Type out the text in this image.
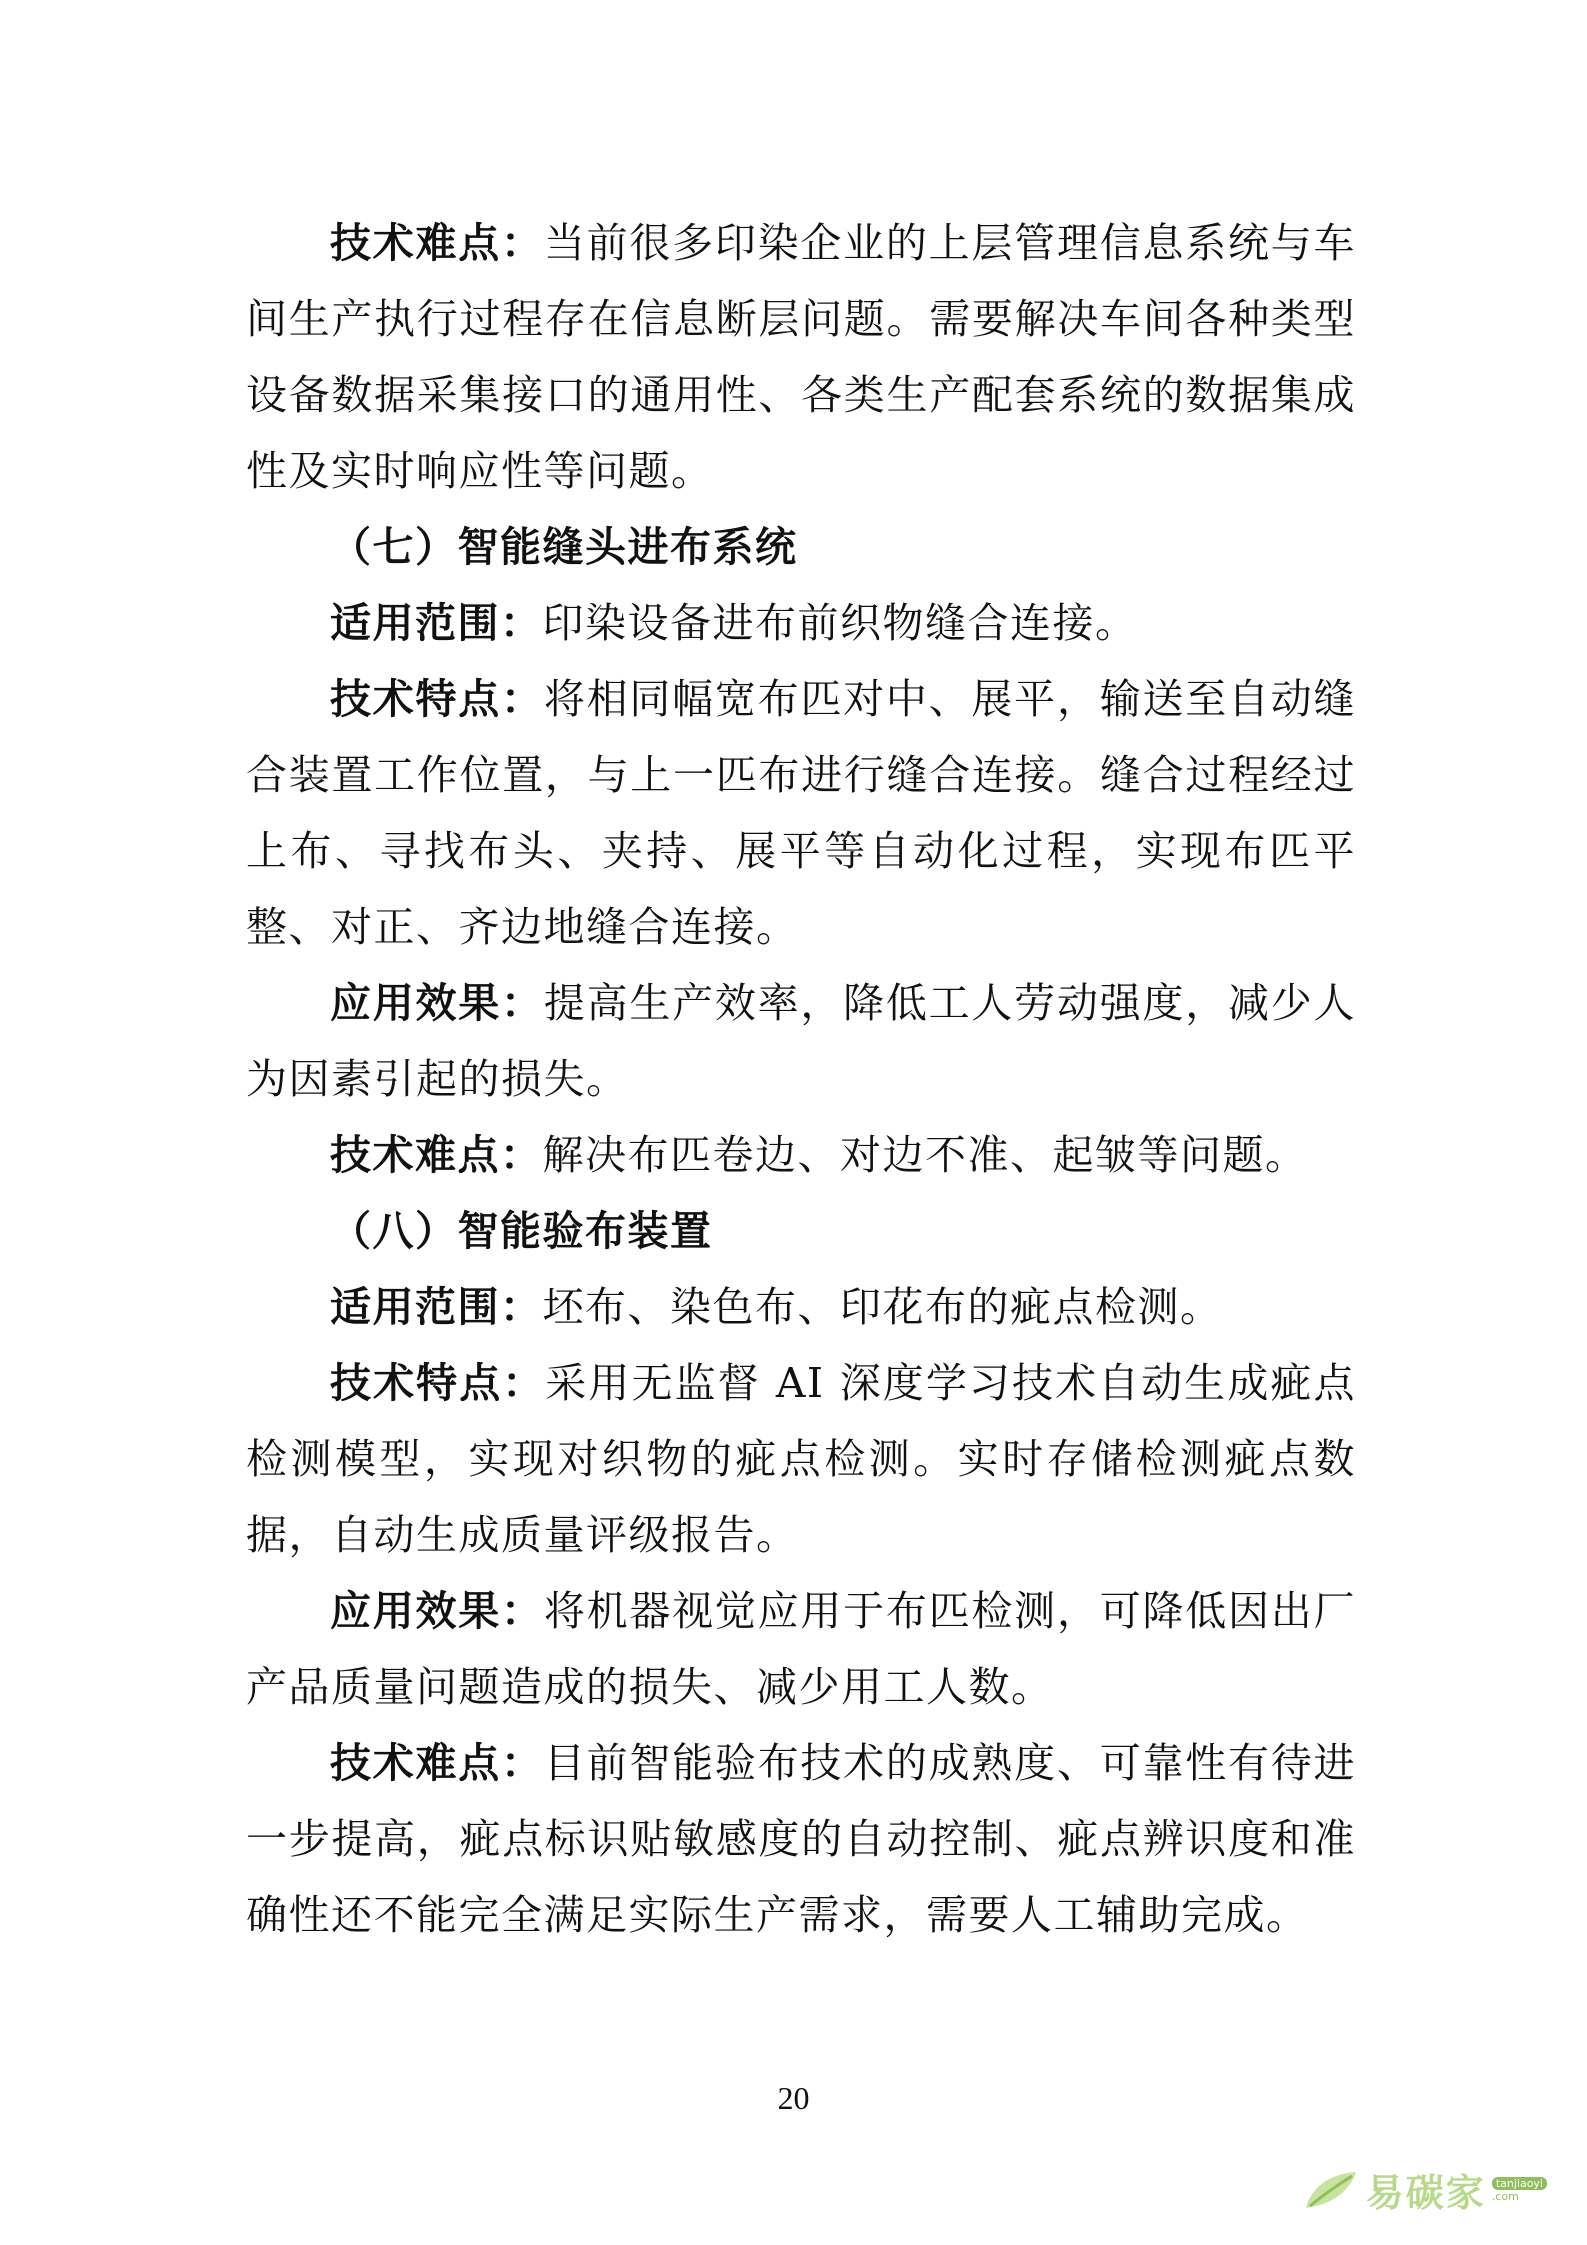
技术难点：当前很多印染企业的上层管理信息系统与车间生产执行过程存在信息断层问题。需要解决车间各种类型设备数据采集接口的通用性、各类生产配套系统的数据集成性及实时响应性等问题。

（七）智能缝头进布系统

适用范围：印染设备进布前织物缝合连接。

技术特点：将相同幅宽布匹对中、展平，输送至自动缝合装置工作位置，与上一匹布进行缝合连接。缝合过程经过上布、寻找布头、夹持、展平等自动化过程，实现布匹平整、对正、齐边地缝合连接。

应用效果：提高生产效率，降低工人劳动强度，减少人为因素引起的损失。

技术难点：解决布匹卷边、对边不准、起皱等问题。

（八）智能验布装置

适用范围：坯布、染色布、印花布的疵点检测。

技术特点：采用无监督 AI 深度学习技术自动生成疵点检测模型，实现对织物的疵点检测。实时存储检测疵点数据，自动生成质量评级报告。

应用效果：将机器视觉应用于布匹检测，可降低因出厂产品质量问题造成的损失、减少用工人数。

技术难点：目前智能验布技术的成熟度、可靠性有待进一步提高，疵点标识贴敏感度的自动控制、疵点辨识度和准确性还不能完全满足实际生产需求，需要人工辅助完成。

20
易碳家 tanjiaoyi
.com
